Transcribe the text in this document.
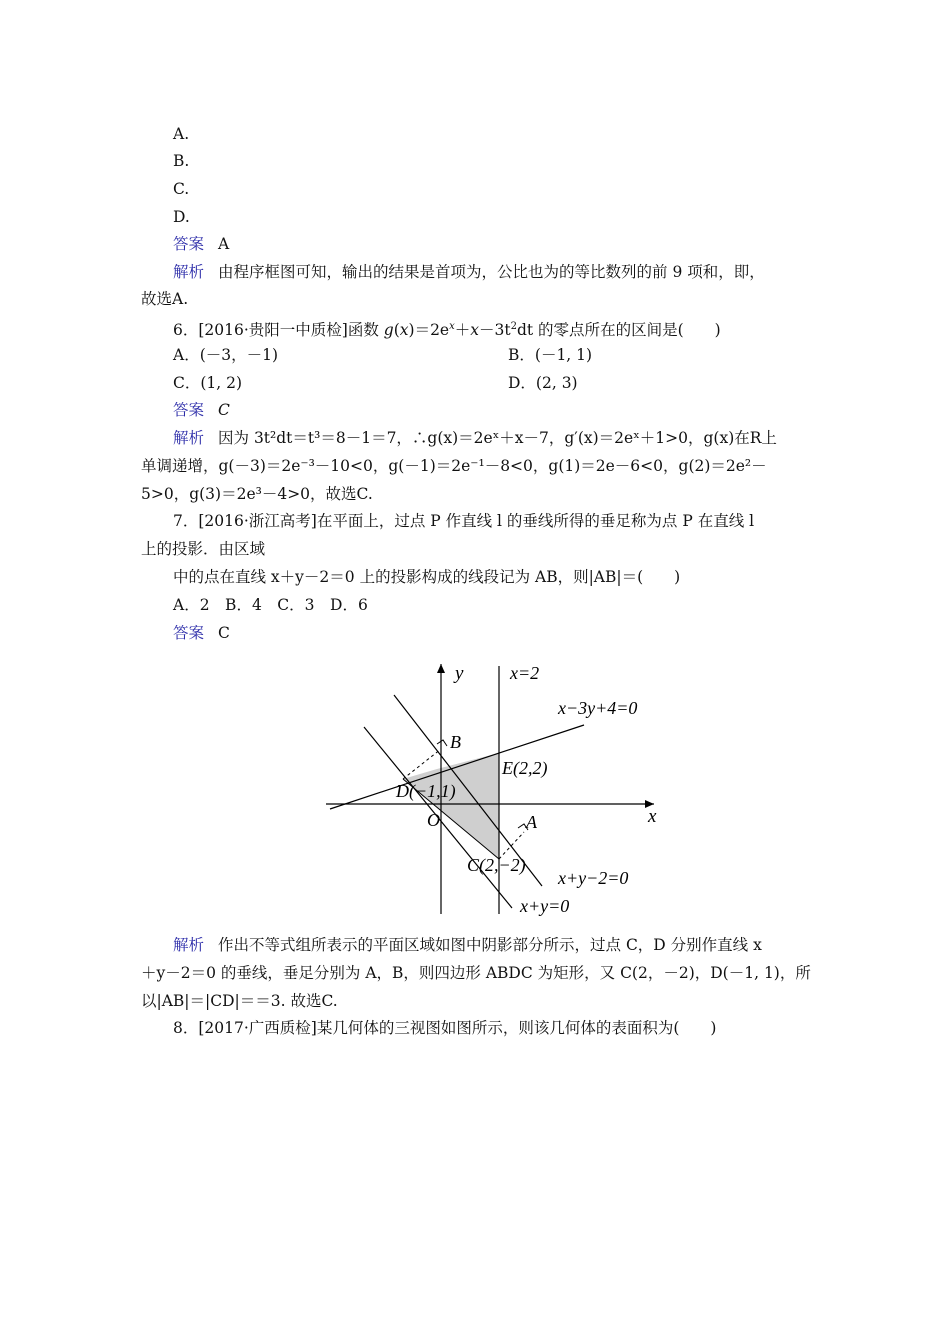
A.
B.
C.
D.
答案 A
解析 由程序框图可知，输出的结果是首项为，公比也为的等比数列的前 9 项和，即，
故选A.
6．[2016·贵阳一中质检]函数 $g(x)=2e^x+x-3t^2dt$ 的零点所在的区间是(　　)
A．(－3，－1)	B．(－1, 1)
C．(1, 2)	D．(2, 3)
答案 C
解析 因为 3t²dt＝t³＝8－1＝7，∴g(x)＝2eˣ＋x－7，g′(x)＝2eˣ＋1>0，g(x)在R上
单调递增，g(－3)＝2e⁻³－10<0，g(－1)＝2e⁻¹－8<0，g(1)＝2e－6<0，g(2)＝2e²－
5>0，g(3)＝2e³－4>0，故选C.
7．[2016·浙江高考]在平面上，过点 P 作直线 l 的垂线所得的垂足称为点 P 在直线 l
上的投影．由区域
中的点在直线 x＋y－2＝0 上的投影构成的线段记为 AB，则|AB|＝(　　)
A．2　B．4　C．3　D．6
答案 C
y
x
O
x=2
x−3y+4=0
B
E(2,2)
D(−1,1)
A
C(2,−2)
x+y−2=0
x+y=0
解析 作出不等式组所表示的平面区域如图中阴影部分所示，过点 C，D 分别作直线 x
＋y－2＝0 的垂线，垂足分别为 A，B，则四边形 ABDC 为矩形，又 C(2，－2)，D(－1, 1)，所
以|AB|＝|CD|＝＝3. 故选C.
8．[2017·广西质检]某几何体的三视图如图所示，则该几何体的表面积为(　　)
